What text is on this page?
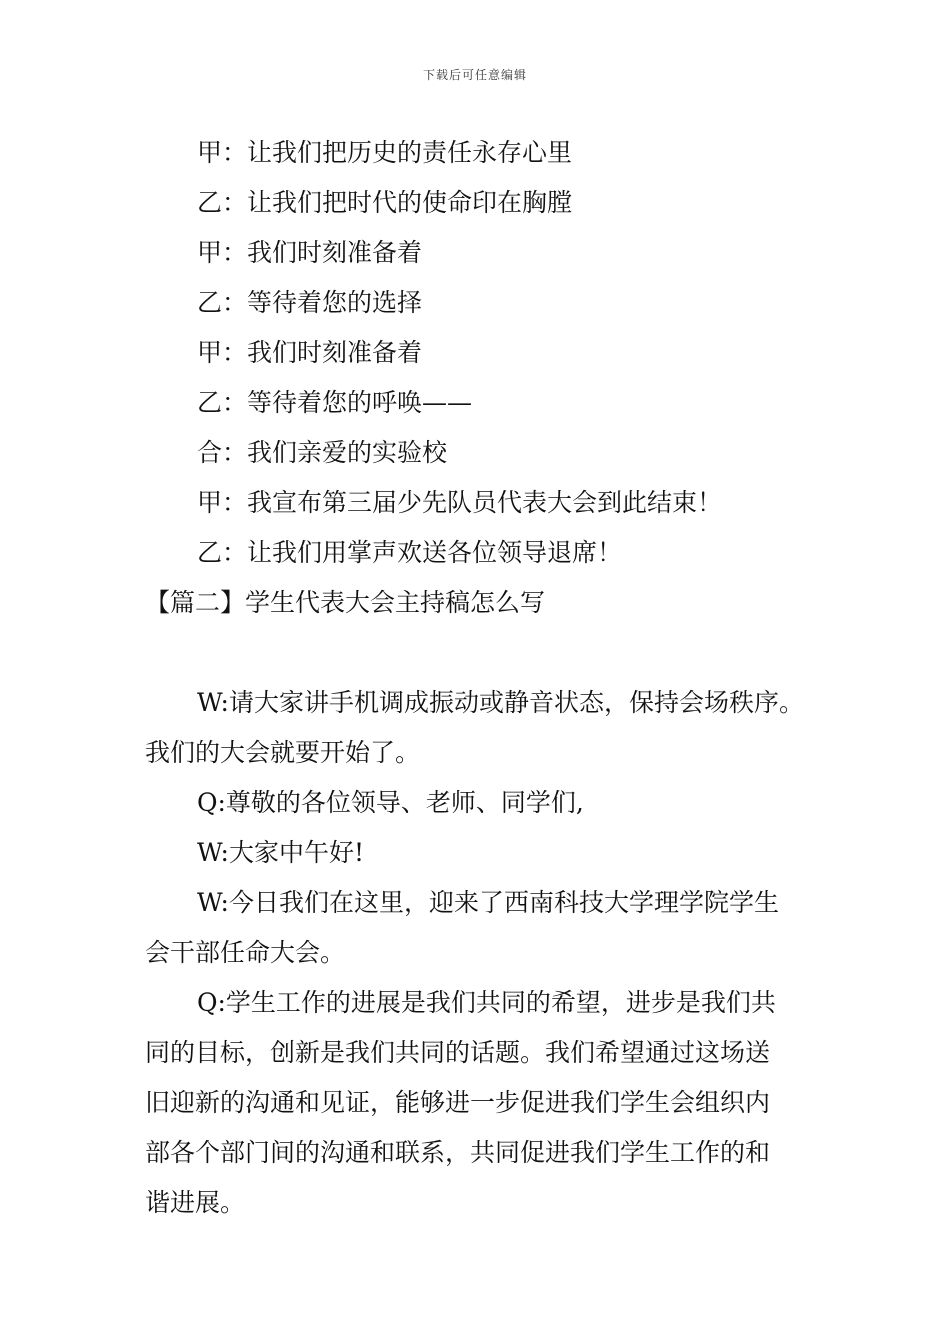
下载后可任意编辑
甲：让我们把历史的责任永存心里
乙：让我们把时代的使命印在胸膛
甲：我们时刻准备着
乙：等待着您的选择
甲：我们时刻准备着
乙：等待着您的呼唤——
合：我们亲爱的实验校
甲：我宣布第三届少先队员代表大会到此结束！
乙：让我们用掌声欢送各位领导退席！
【篇二】学生代表大会主持稿怎么写
W:请大家讲手机调成振动或静音状态，保持会场秩序。
我们的大会就要开始了。
Q:尊敬的各位领导、老师、同学们,
W:大家中午好!
W:今日我们在这里，迎来了西南科技大学理学院学生
会干部任命大会。
Q:学生工作的进展是我们共同的希望，进步是我们共
同的目标，创新是我们共同的话题。我们希望通过这场送
旧迎新的沟通和见证，能够进一步促进我们学生会组织内
部各个部门间的沟通和联系，共同促进我们学生工作的和
谐进展。
